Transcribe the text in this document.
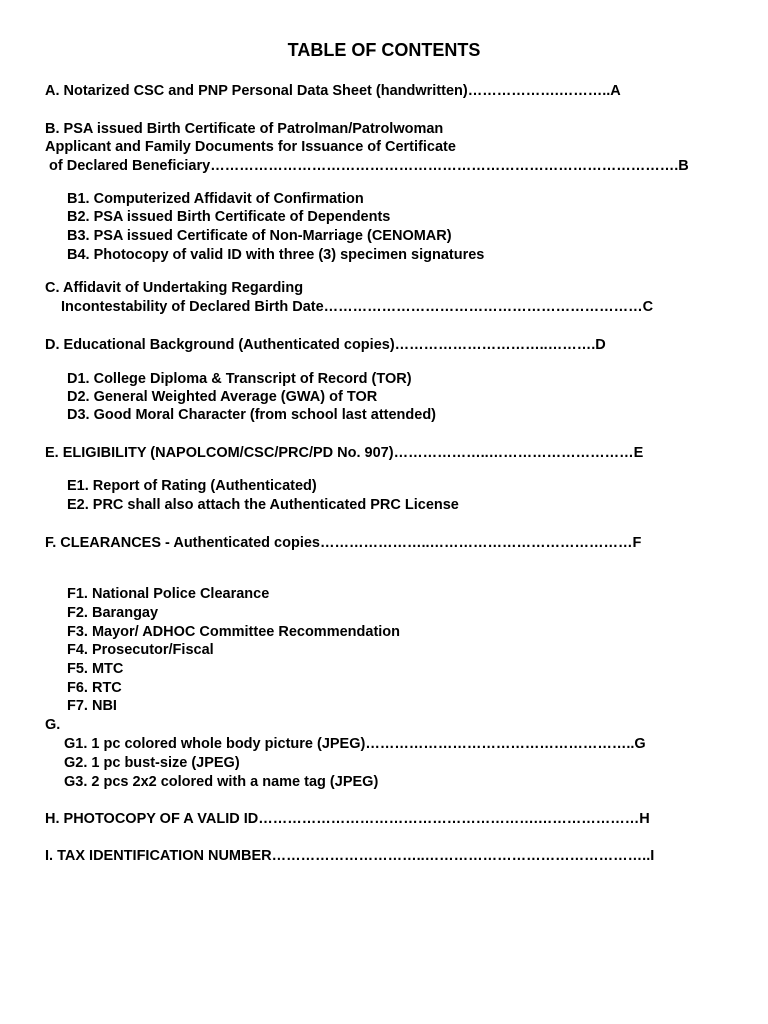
TABLE OF CONTENTS
A. Notarized CSC and PNP Personal Data Sheet (handwritten)……………….………..A
B. PSA issued Birth Certificate of Patrolman/Patrolwoman
Applicant and Family Documents for Issuance of Certificate
of Declared Beneficiary…………………………………………………………………………………….B
B1. Computerized Affidavit of Confirmation
B2. PSA issued Birth Certificate of Dependents
B3. PSA issued Certificate of Non-Marriage (CENOMAR)
B4. Photocopy of valid ID with three (3) specimen signatures
C. Affidavit of Undertaking Regarding
Incontestability of Declared Birth Date…………………………………………………………C
D. Educational Background (Authenticated copies)…………………………..……….D
D1. College Diploma & Transcript of Record (TOR)
D2. General Weighted Average (GWA) of TOR
D3. Good Moral Character (from school last attended)
E. ELIGIBILITY (NAPOLCOM/CSC/PRC/PD No. 907)………………..…………………………E
E1. Report of Rating (Authenticated)
E2. PRC shall also attach the Authenticated PRC License
F. CLEARANCES - Authenticated copies…………………..……………………………………F
F1. National Police Clearance
F2. Barangay
F3. Mayor/ ADHOC Committee Recommendation
F4. Prosecutor/Fiscal
F5. MTC
F6. RTC
F7. NBI
G.
G1. 1 pc colored whole body picture (JPEG)………………………………………………..G
G2. 1 pc bust-size (JPEG)
G3. 2 pcs 2x2 colored with a name tag (JPEG)
H. PHOTOCOPY OF A VALID ID………………………………………………….…………………H
I. TAX IDENTIFICATION NUMBER…………………………..………………………………………..I
